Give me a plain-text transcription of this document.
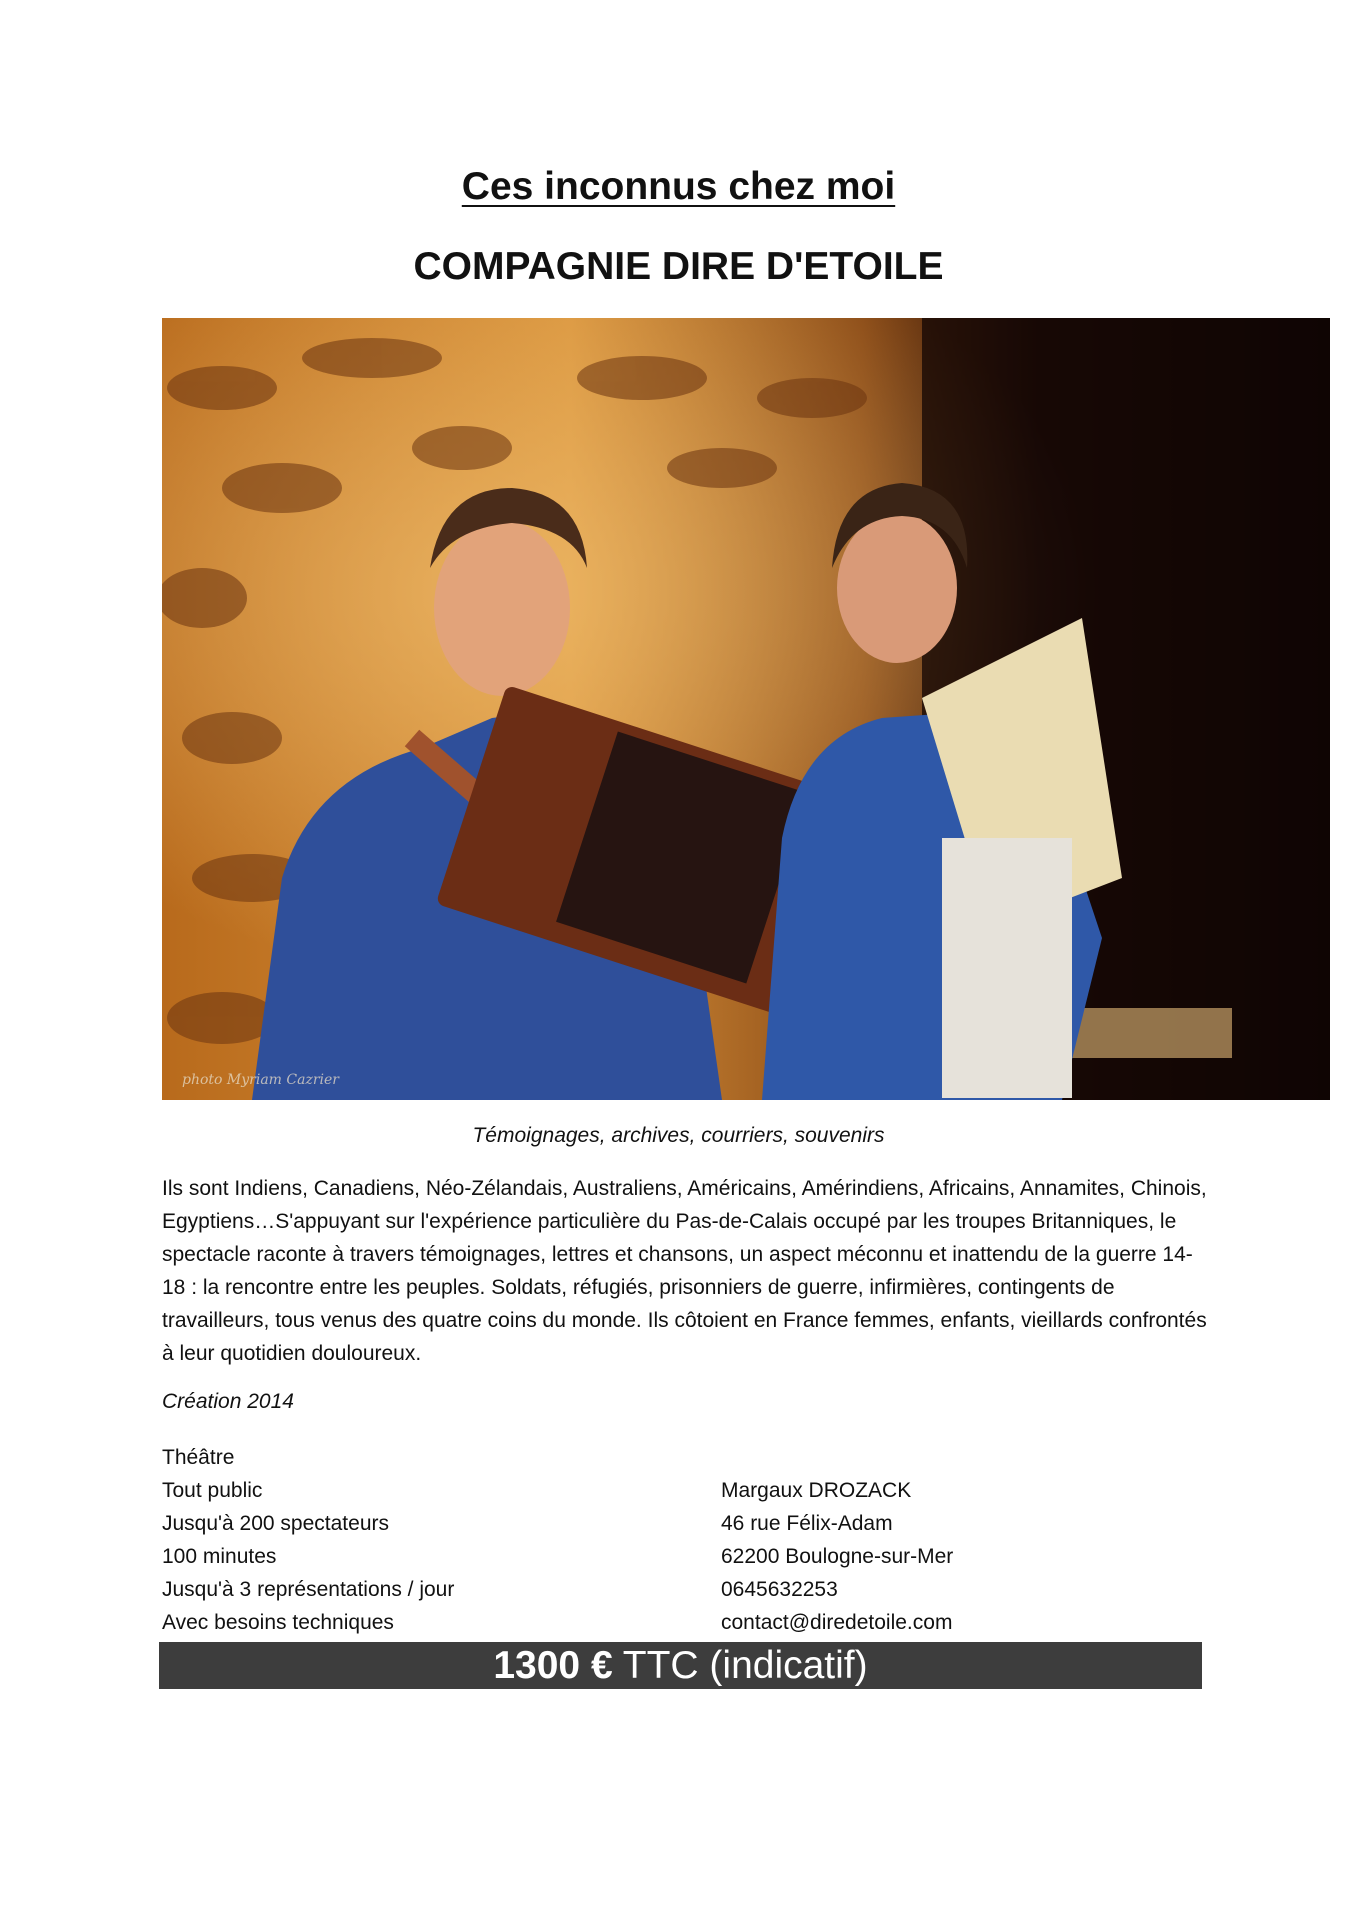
Ces inconnus chez moi
COMPAGNIE DIRE D'ETOILE
photo Myriam Cazrier
Témoignages, archives, courriers, souvenirs

Ils sont Indiens, Canadiens, Néo-Zélandais, Australiens, Américains, Amérindiens, Africains, Annamites, Chinois, Egyptiens…S'appuyant sur l'expérience particulière du Pas-de-Calais occupé par les troupes Britanniques, le spectacle raconte à travers témoignages, lettres et chansons, un aspect méconnu et inattendu de la guerre 14-18 : la rencontre entre les peuples. Soldats, réfugiés, prisonniers de guerre, infirmières, contingents de travailleurs, tous venus des quatre coins du monde. Ils côtoient en France femmes, enfants, vieillards confrontés à leur quotidien douloureux.

Création 2014
Théâtre
Tout public
Jusqu'à 200 spectateurs
100 minutes
Jusqu'à 3 représentations / jour
Avec besoins techniques
Margaux DROZACK
46 rue Félix-Adam
62200 Boulogne-sur-Mer
0645632253
contact@diredetoile.com
1300 € TTC (indicatif)
